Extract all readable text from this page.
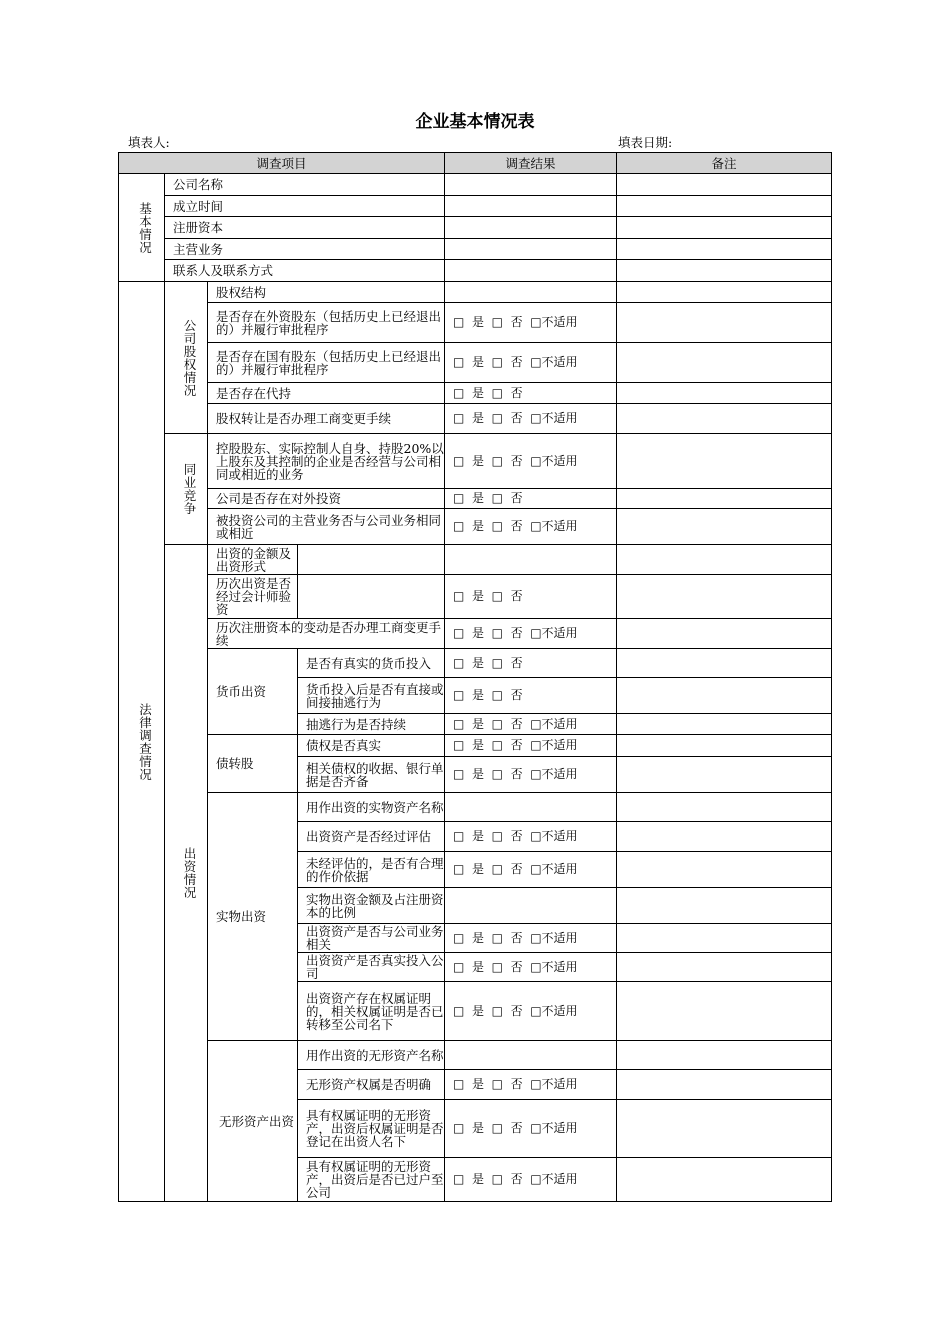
企业基本情况表
填表人:	填表日期:
调查项目				调查结果	备注
基本情况	公司名称				
	成立时间				
	注册资本				
	主营业务				
	联系人及联系方式				
法律调查情况	公司股权情况	股权结构			
		是否存在外资股东（包括历史上已经退出的）并履行审批程序		□  是  □  否  □不适用	
		是否存在国有股东（包括历史上已经退出的）并履行审批程序		□  是  □  否  □不适用	
		是否存在代持		□  是  □  否	
		股权转让是否办理工商变更手续		□  是  □  否  □不适用	
	同业竞争	控股股东、实际控制人自身、持股20%以上股东及其控制的企业是否经营与公司相同或相近的业务		□  是  □  否  □不适用	
		公司是否存在对外投资		□  是  □  否	
		被投资公司的主营业务否与公司业务相同或相近		□  是  □  否  □不适用	
	出资情况	出资的金额及出资形式			
		历次出资是否经过会计师验资		□  是  □  否	
		历次注册资本的变动是否办理工商变更手续		□  是  □  否  □不适用	
		货币出资	是否有真实的货币投入	□  是  □  否	
			货币投入后是否有直接或间接抽逃行为	□  是  □  否	
			抽逃行为是否持续	□  是  □  否  □不适用	
		债转股	债权是否真实	□  是  □  否  □不适用	
			相关债权的收据、银行单据是否齐备	□  是  □  否  □不适用	
		实物出资	用作出资的实物资产名称		
			出资资产是否经过评估	□  是  □  否  □不适用	
			未经评估的，是否有合理的作价依据	□  是  □  否  □不适用	
			实物出资金额及占注册资本的比例		
			出资资产是否与公司业务相关	□  是  □  否  □不适用	
			出资资产是否真实投入公司	□  是  □  否  □不适用	
			出资资产存在权属证明的，相关权属证明是否已转移至公司名下	□  是  □  否  □不适用	
		无形资产出资	用作出资的无形资产名称		
			无形资产权属是否明确	□  是  □  否  □不适用	
			具有权属证明的无形资产，出资后权属证明是否登记在出资人名下	□  是  □  否  □不适用	
			具有权属证明的无形资产，出资后是否已过户至公司	□  是  □  否  □不适用	
